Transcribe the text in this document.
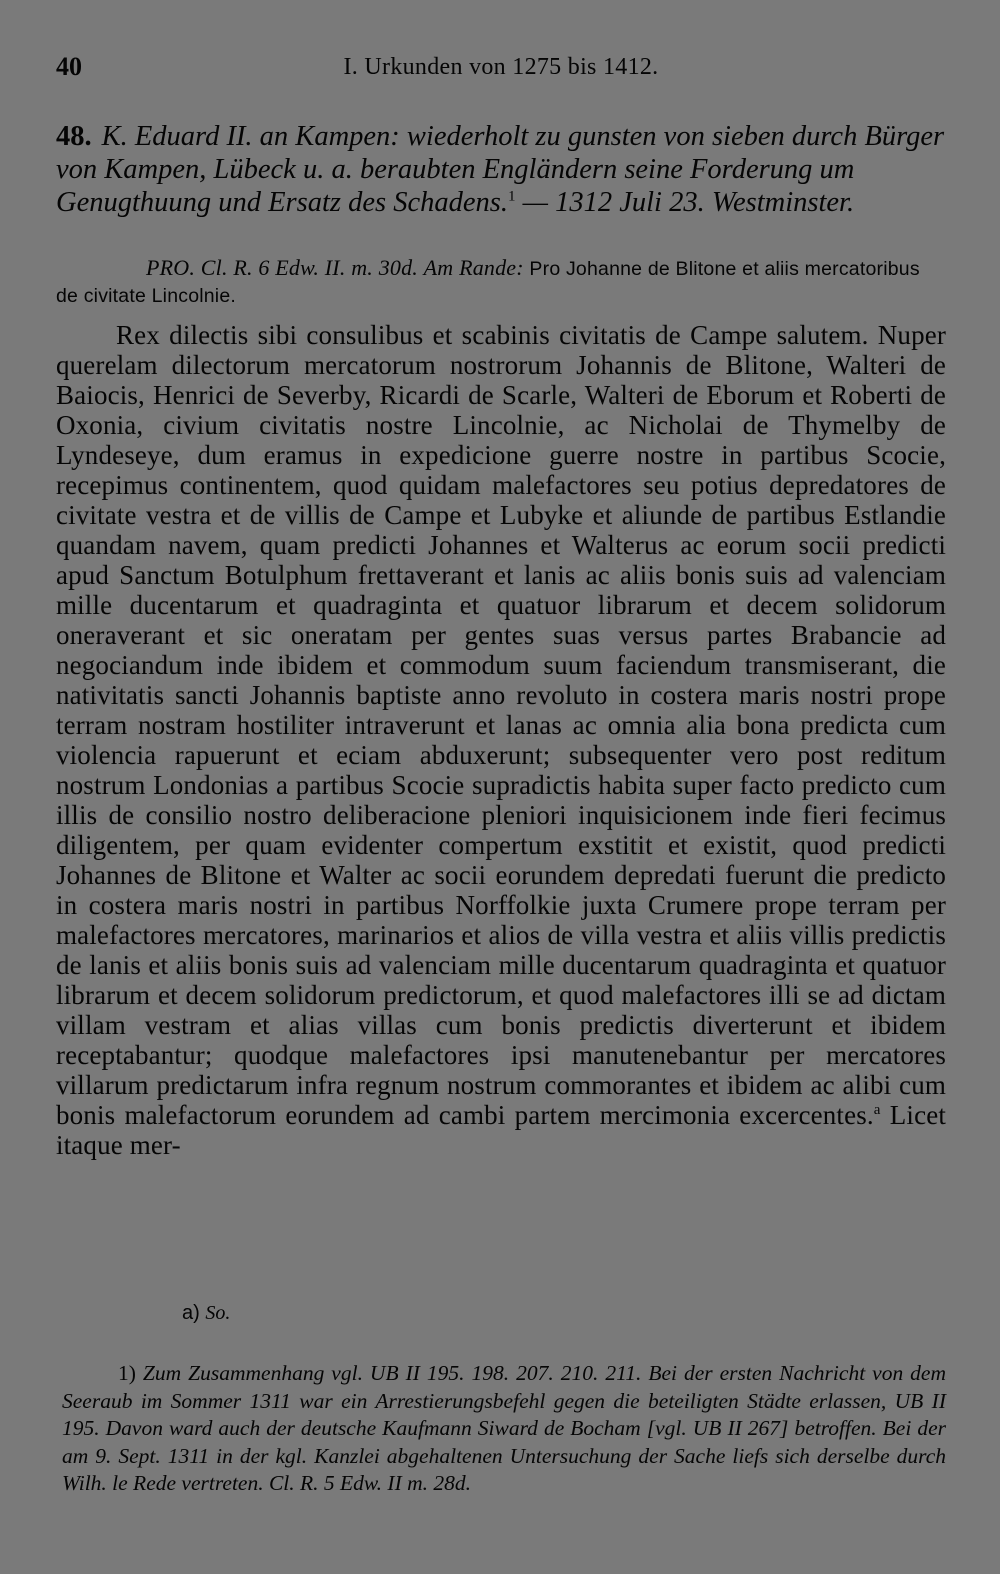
40	I. Urkunden von 1275 bis 1412.
48. K. Eduard II. an Kampen: wiederholt zu gunsten von sieben durch Bürger von Kampen, Lübeck u. a. beraubten Engländern seine Forderung um Genugthuung und Ersatz des Schadens.$^1$ — 1312 Juli 23. Westminster.
PRO. Cl. R. 6 Edw. II. m. 30d. Am Rande: Pro Johanne de Blitone et aliis mercatoribus de civitate Lincolnie.
Rex dilectis sibi consulibus et scabinis civitatis de Campe salutem. Nuper querelam dilectorum mercatorum nostrorum Johannis de Blitone, Walteri de Baiocis, Henrici de Severby, Ricardi de Scarle, Walteri de Eborum et Roberti de Oxonia, civium civitatis nostre Lincolnie, ac Nicholai de Thymelby de Lyndeseye, dum eramus in expedicione guerre nostre in partibus Scocie, recepimus continentem, quod quidam malefactores seu potius depredatores de civitate vestra et de villis de Campe et Lubyke et aliunde de partibus Estlandie quandam navem, quam predicti Johannes et Walterus ac eorum socii predicti apud Sanctum Botulphum frettaverant et lanis ac aliis bonis suis ad valenciam mille ducentarum et quadraginta et quatuor librarum et decem solidorum oneraverant et sic oneratam per gentes suas versus partes Brabancie ad negociandum inde ibidem et commodum suum faciendum transmiserant, die nativitatis sancti Johannis baptiste anno revoluto in costera maris nostri prope terram nostram hostiliter intraverunt et lanas ac omnia alia bona predicta cum violencia rapuerunt et eciam abduxerunt; subsequenter vero post reditum nostrum Londonias a partibus Scocie supradictis habita super facto predicto cum illis de consilio nostro deliberacione pleniori inquisicionem inde fieri fecimus diligentem, per quam evidenter compertum exstitit et existit, quod predicti Johannes de Blitone et Walter ac socii eorundem depredati fuerunt die predicto in costera maris nostri in partibus Norffolkie juxta Crumere prope terram per malefactores mercatores, marinarios et alios de villa vestra et aliis villis predictis de lanis et aliis bonis suis ad valenciam mille ducentarum quadraginta et quatuor librarum et decem solidorum predictorum, et quod malefactores illi se ad dictam villam vestram et alias villas cum bonis predictis diverterunt et ibidem receptabantur; quodque malefactores ipsi manutenebantur per mercatores villarum predictarum infra regnum nostrum commorantes et ibidem ac alibi cum bonis malefactorum eorundem ad cambi partem mercimonia excercentes.$^a$ Licet itaque mer-
a) So.
1) Zum Zusammenhang vgl. UB II 195. 198. 207. 210. 211. Bei der ersten Nachricht von dem Seeraub im Sommer 1311 war ein Arrestierungsbefehl gegen die beteiligten Städte erlassen, UB II 195. Davon ward auch der deutsche Kaufmann Siward de Bocham [vgl. UB II 267] betroffen. Bei der am 9. Sept. 1311 in der kgl. Kanzlei abgehaltenen Untersuchung der Sache liefs sich derselbe durch Wilh. le Rede vertreten. Cl. R. 5 Edw. II m. 28d.
